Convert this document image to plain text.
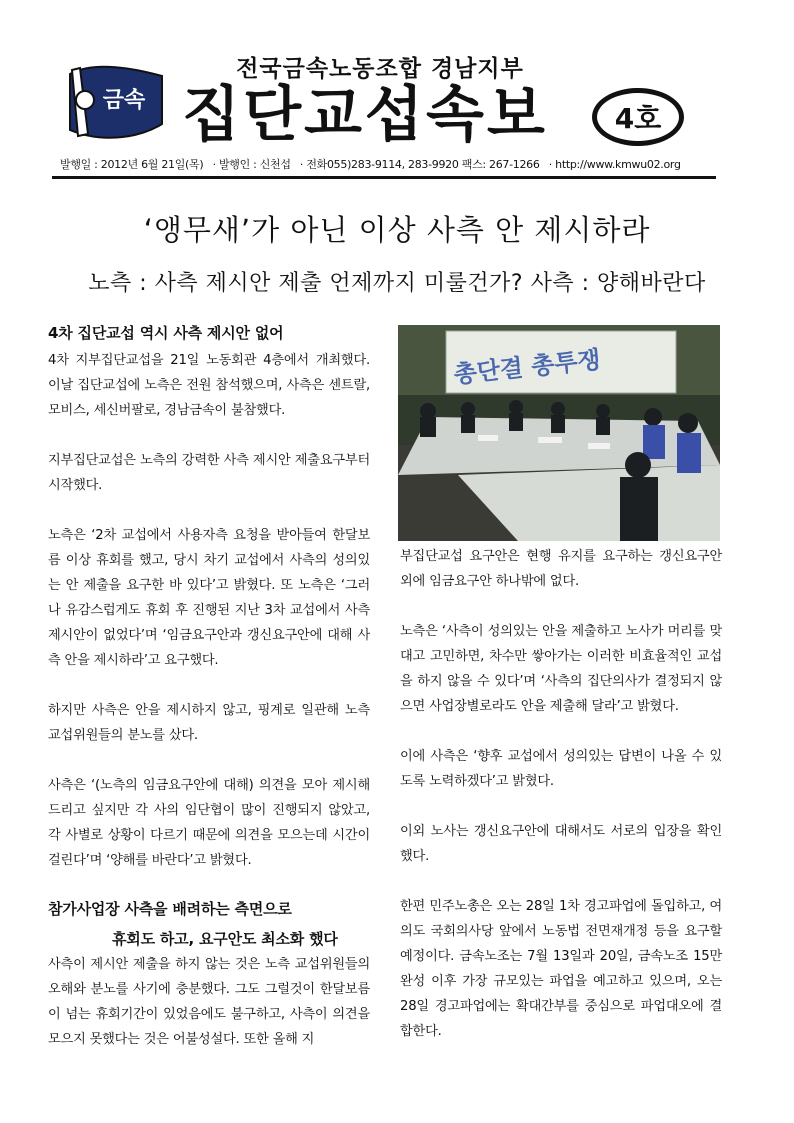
금속
전국금속노동조합 경남지부
집단교섭속보	4호
발행일 : 2012년 6월 21일(목) · 발행인 : 신천섭 · 전화055)283-9114, 283-9920 팩스: 267-1266 · http://www.kmwu02.org
‘앵무새’가 아닌 이상 사측 안 제시하라
노측 : 사측 제시안 제출 언제까지 미룰건가? 사측 : 양해바란다
4차 집단교섭 역시 사측 제시안 없어

4차 지부집단교섭을 21일 노동회관 4층에서 개최했다. 이날 집단교섭에 노측은 전원 참석했으며, 사측은 센트랄, 모비스, 세신버팔로, 경남금속이 불참했다.

지부집단교섭은 노측의 강력한 사측 제시안 제출요구부터 시작했다.

노측은 ‘2차 교섭에서 사용자측 요청을 받아들여 한달보름 이상 휴회를 했고, 당시 차기 교섭에서 사측의 성의있는 안 제출을 요구한 바 있다’고 밝혔다. 또 노측은 ‘그러나 유감스럽게도 휴회 후 진행된 지난 3차 교섭에서 사측 제시안이 없었다’며 ‘임금요구안과 갱신요구안에 대해 사측 안을 제시하라’고 요구했다.

하지만 사측은 안을 제시하지 않고, 핑계로 일관해 노측 교섭위원들의 분노를 샀다.

사측은 ‘(노측의 임금요구안에 대해) 의견을 모아 제시해 드리고 싶지만 각 사의 임단협이 많이 진행되지 않았고, 각 사별로 상황이 다르기 때문에 의견을 모으는데 시간이 걸린다’며 ‘양해를 바란다’고 밝혔다.

참가사업장 사측을 배려하는 측면으로
휴회도 하고, 요구안도 최소화 했다

사측이 제시안 제출을 하지 않는 것은 노측 교섭위원들의 오해와 분노를 사기에 충분했다. 그도 그럴것이 한달보름이 넘는 휴회기간이 있었음에도 불구하고, 사측이 의견을 모으지 못했다는 것은 어불성설다. 또한 올해 지

총단결 총투쟁

부집단교섭 요구안은 현행 유지를 요구하는 갱신요구안 외에 임금요구안 하나밖에 없다.

노측은 ‘사측이 성의있는 안을 제출하고 노사가 머리를 맞대고 고민하면, 차수만 쌓아가는 이러한 비효율적인 교섭을 하지 않을 수 있다’며 ‘사측의 집단의사가 결정되지 않으면 사업장별로라도 안을 제출해 달라’고 밝혔다.

이에 사측은 ‘향후 교섭에서 성의있는 답변이 나올 수 있도록 노력하겠다’고 밝혔다.

이외 노사는 갱신요구안에 대해서도 서로의 입장을 확인했다.

한편 민주노총은 오는 28일 1차 경고파업에 돌입하고, 여의도 국회의사당 앞에서 노동법 전면재개정 등을 요구할 예정이다. 금속노조는 7월 13일과 20일, 금속노조 15만 완성 이후 가장 규모있는 파업을 예고하고 있으며, 오는 28일 경고파업에는 확대간부를 중심으로 파업대오에 결합한다.
